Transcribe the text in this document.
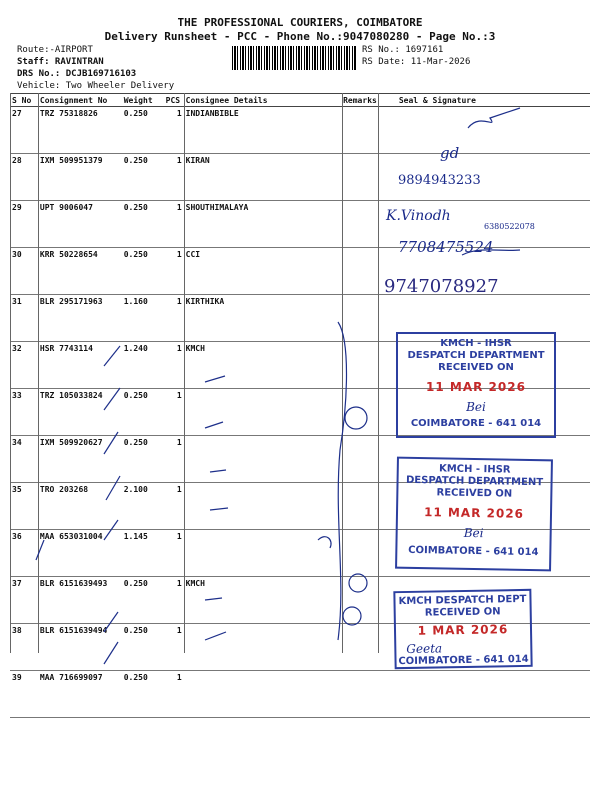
THE PROFESSIONAL COURIERS, COIMBATORE
Delivery Runsheet - PCC - Phone No.:9047080280 - Page No.:3
Route:-AIRPORT
Staff: RAVINTRAN
DRS No.: DCJB169716103
Vehicle: Two Wheeler Delivery
RS No.: 1697161
RS Date: 11-Mar-2026
S No	Consignment No	Weight	PCS	Consignee Details	Remarks	Seal & Signature
27	TRZ 75318826	0.250	1	INDIANBIBLE		
28	IXM 509951379	0.250	1	KIRAN		
29	UPT 9006047	0.250	1	SHOUTHIMALAYA		
30	KRR 50228654	0.250	1	CCI		
31	BLR 295171963	1.160	1	KIRTHIKA		
32	HSR 7743114	1.240	1	KMCH		
33	TRZ 105033824	0.250	1			
34	IXM 509920627	0.250	1			
35	TRO 203268	2.100	1			
36	MAA 653031004	1.145	1			
37	BLR 6151639493	0.250	1	KMCH		
38	BLR 6151639494	0.250	1			
39	MAA 716699097	0.250	1			
gd
9894943233
K.Vinodh
6380522078
7708475524
9747078927
KMCH - IHSR
DESPATCH DEPARTMENT
RECEIVED ON
11 MAR 2026
Bei
COIMBATORE - 641 014
KMCH - IHSR
DESPATCH DEPARTMENT
RECEIVED ON
11 MAR 2026
Bei
COIMBATORE - 641 014
KMCH DESPATCH DEPT
RECEIVED ON
1 MAR 2026
Geeta
COIMBATORE - 641 014
